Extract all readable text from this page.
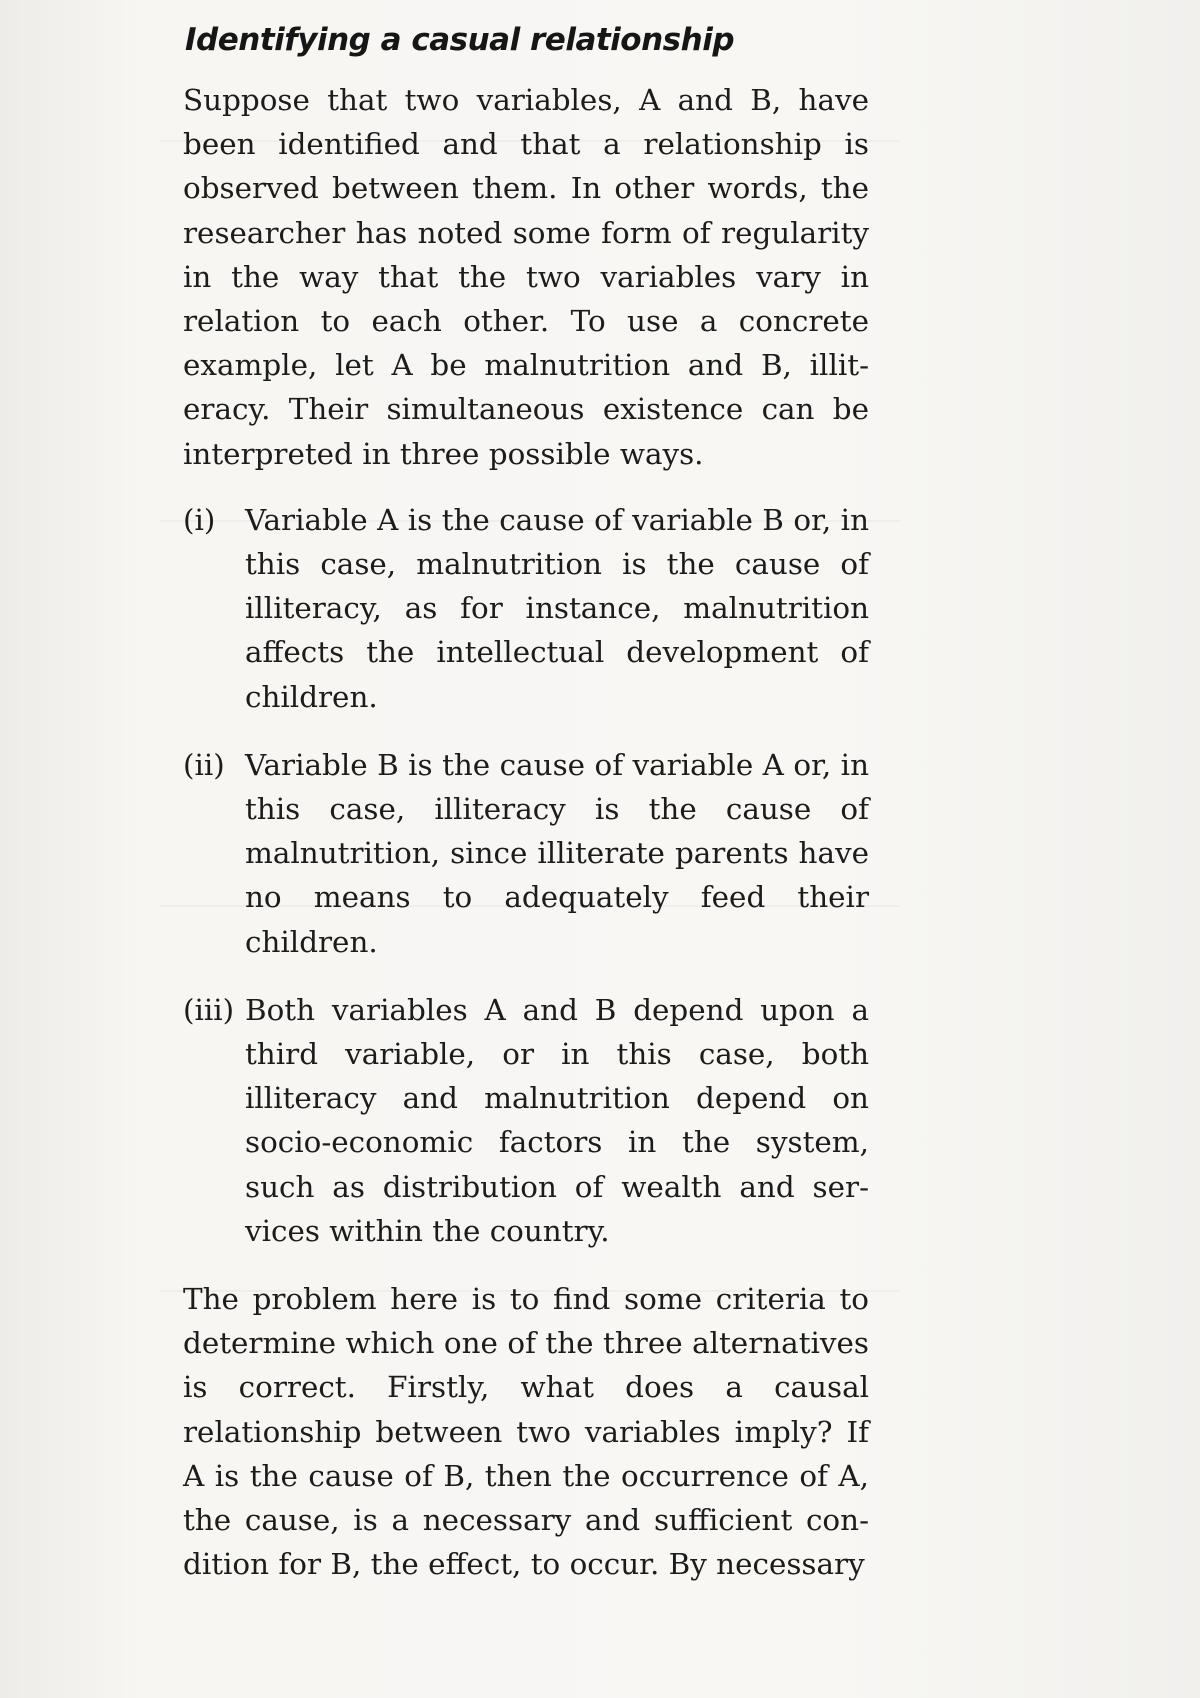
Identifying a casual relationship

Suppose that two variables, A and B, have been identified and that a relationship is observed between them. In other words, the researcher has noted some form of regularity in the way that the two variables vary in relation to each other. To use a concrete example, let A be malnutrition and B, illiteracy. Their simultaneous existence can be interpreted in three possible ways.

(i)	Variable A is the cause of variable B or, in this case, malnutrition is the cause of illiteracy, as for instance, malnutrition affects the intellectual development of children.
(ii) Variable B is the cause of variable A or, in this case, illiteracy is the cause of malnutrition, since illiterate parents have no means to adequately feed their children.
(iii) Both variables A and B depend upon a third variable, or in this case, both illiteracy and malnutrition depend on socio-economic factors in the system, such as distribution of wealth and services within the country.

The problem here is to find some criteria to determine which one of the three alternatives is correct. Firstly, what does a causal relationship between two variables imply? If A is the cause of B, then the occurrence of A, the cause, is a necessary and sufficient condition for B, the effect, to occur. By necessary
